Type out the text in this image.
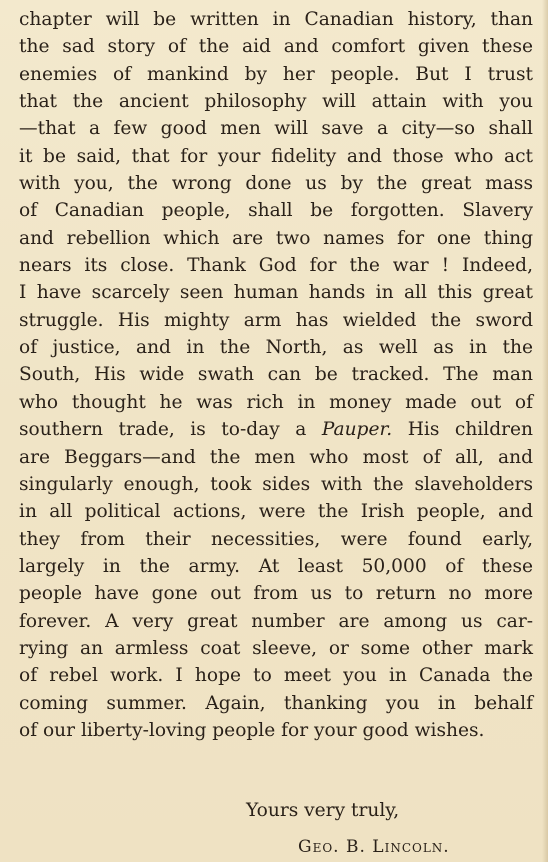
chapter will be written in Canadian history, than
the sad story of the aid and comfort given these
enemies of mankind by her people. But I trust
that the ancient philosophy will attain with you
—that a few good men will save a city—so shall
it be said, that for your fidelity and those who act
with you, the wrong done us by the great mass
of Canadian people, shall be forgotten. Slavery
and rebellion which are two names for one thing
nears its close. Thank God for the war ! Indeed,
I have scarcely seen human hands in all this great
struggle. His mighty arm has wielded the sword
of justice, and in the North, as well as in the
South, His wide swath can be tracked. The man
who thought he was rich in money made out of
southern trade, is to-day a Pauper. His children
are Beggars—and the men who most of all, and
singularly enough, took sides with the slaveholders
in all political actions, were the Irish people, and
they from their necessities, were found early,
largely in the army. At least 50,000 of these
people have gone out from us to return no more
forever. A very great number are among us car-
rying an armless coat sleeve, or some other mark
of rebel work. I hope to meet you in Canada the
coming summer. Again, thanking you in behalf
of our liberty-loving people for your good wishes.
Yours very truly,
Geo. B. Lincoln.
